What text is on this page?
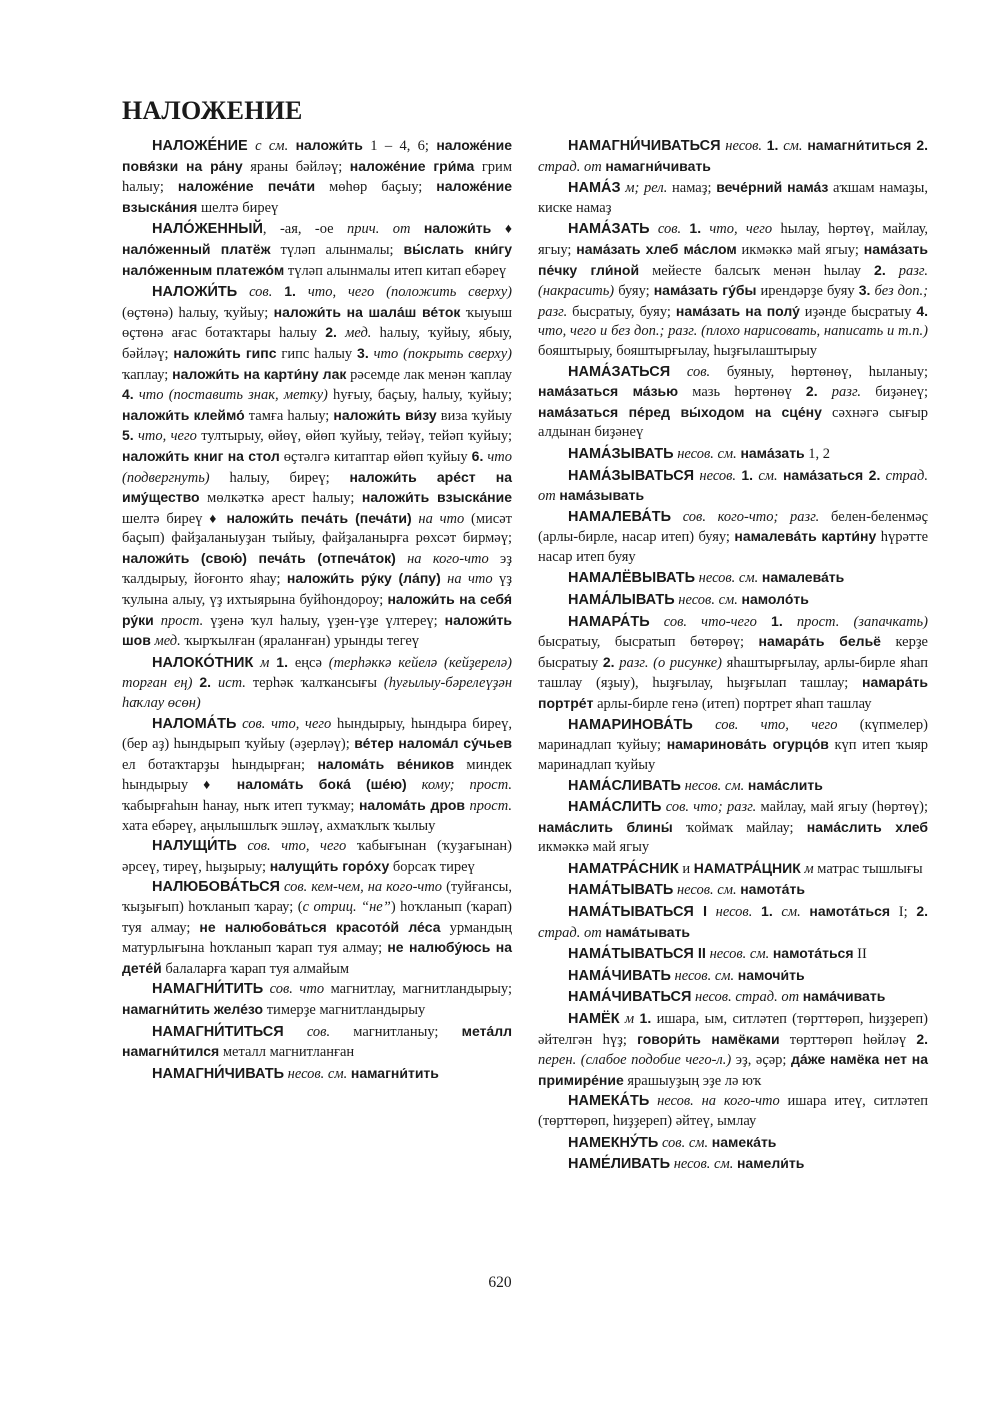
НАЛОЖЕНИЕ

НАЛОЖЕ́НИЕ с см. наложи́ть 1 – 4, 6; наложе́ние повя́зки на ра́ну яраны бәйләү; наложе́ние гри́ма грим һалыу; наложе́ние печа́ти мөһөр баҫыу; наложе́ние взыска́ния шелтә биреү

НАЛО́ЖЕННЫЙ, -ая, -ое прич. от наложи́ть ♦ нало́женный платёж түләп алынмалы; вы́слать кни́гу нало́женным платежо́м түләп алынмалы итеп китап ебәреү

НАЛОЖИ́ТЬ сов. 1. что, чего (положить сверху) (өҫтөнә) һалыу, ҡуйыу; наложи́ть на шала́ш ве́ток ҡыуыш өҫтөнә ағас ботаҡтары һалыу 2. мед. һалыу, ҡуйыу, ябыу, бәйләү; наложи́ть гипс гипс һалыу 3. что (покрыть сверху) ҡаплау; наложи́ть на карти́ну лак рәсемде лак менән ҡаплау 4. что (поставить знак, метку) һуғыу, баҫыу, һалыу, ҡуйыу; наложи́ть клеймо́ тамға һалыу; наложи́ть ви́зу виза ҡуйыу 5. что, чего тултырыу, өйөү, өйөп ҡуйыу, тейәү, тейәп ҡуйыу; наложи́ть книг на стол өҫтәлгә китаптар өйөп ҡуйыу 6. что (подвергнуть) һалыу, биреү; наложи́ть аре́ст на иму́щество мөлкәткә арест һалыу; наложи́ть взыска́ние шелтә биреү ♦ наложи́ть печа́ть (печа́ти) на что (мисәт баҫып) файҙаланыуҙан тыйыу, файҙаланырға рөхсәт бирмәү; наложи́ть (свою́) печа́ть (отпеча́ток) на кого-что эҙ ҡалдырыу, йоғонто яһау; наложи́ть ру́ку (ла́пу) на что үҙ ҡулына алыу, үҙ ихтыярына буйһондороу; наложи́ть на себя́ ру́ки прост. үҙенә ҡул һалыу, үҙен-үҙе үлтереү; наложи́ть шов мед. ҡырҡылған (яраланған) урынды тегеү

НАЛОКО́ТНИК м 1. еңсә (терһәккә кейелә (кейҙерелә) торған ең) 2. ист. терһәк ҡалҡансығы (һуғылыу-бәрелеүҙән һаҡлау өсөн)

НАЛОМА́ТЬ сов. что, чего һындырыу, һындыра биреү, (бер аҙ) һындырып ҡуйыу (әҙерләү); ве́тер налома́л су́чьев ел ботаҡтарҙы һындырған; налома́ть ве́ников миндек һындырыу ♦ налома́ть бока́ (ше́ю) кому; прост. ҡабырғаһын һанау, ныҡ итеп туҡмау; налома́ть дров прост. хата ебәреү, аңылышлыҡ эшләү, ахмаҡлыҡ ҡылыу

НАЛУЩИ́ТЬ сов. что, чего ҡабығынан (ҡуҙағынан) әрсеү, тиреү, һыҙырыу; налущи́ть горо́ху борсаҡ тиреү

НАЛЮБОВА́ТЬСЯ сов. кем-чем, на кого-что (туйғансы, ҡыҙығып) һоҡланып ҡарау; (с отриц. “не”) һоҡланып (ҡарап) туя алмау; не налюбова́ться красото́й ле́са урмандың матурлығына һоҡланып ҡарап туя алмау; не налюбу́юсь на дете́й балаларға ҡарап туя алмайым

НАМАГНИ́ТИТЬ сов. что магнитлау, магнитландырыу; намагни́тить желе́зо тимерҙе магнитландырыу

НАМАГНИ́ТИТЬСЯ сов. магнитланыу; мета́лл намагни́тился металл магнитланған

НАМАГНИ́ЧИВАТЬ несов. см. намагни́тить

НАМАГНИ́ЧИВАТЬСЯ несов. 1. см. намагни́титься 2. страд. от намагни́чивать

НАМА́З м; рел. намаҙ; вече́рний нама́з аҡшам намаҙы, киске намаҙ

НАМА́ЗАТЬ сов. 1. что, чего һылау, һөртөү, майлау, ягыу; нама́зать хлеб ма́слом икмәккә май ягыу; нама́зать пе́чку гли́ной мейесте балсыҡ менән һылау 2. разг. (накрасить) буяу; нама́зать гу́бы ирендәрҙе буяу 3. без доп.; разг. бысратыу, буяу; нама́зать на полу́ иҙәнде бысратыу 4. что, чего и без доп.; разг. (плохо нарисовать, написать и т.п.) бояштырыу, бояштырғылау, һыҙғылаштырыу

НАМА́ЗАТЬСЯ сов. буяныу, һөртөнөү, һыланыу; нама́заться ма́зью мазь һөртөнөү 2. разг. биҙәнеү; нама́заться пе́ред вы́ходом на сце́ну сәхнәгә сығыр алдынан биҙәнеү

НАМА́ЗЫВАТЬ несов. см. нама́зать 1, 2

НАМА́ЗЫВАТЬСЯ несов. 1. см. нама́заться 2. страд. от нама́зывать

НАМАЛЕВА́ТЬ сов. кого-что; разг. белен-беленмәҫ (арлы-бирле, насар итеп) буяу; намалева́ть карти́ну һүрәтте насар итеп буяу

НАМАЛЁВЫВАТЬ несов. см. намалева́ть

НАМА́ЛЫВАТЬ несов. см. намоло́ть

НАМАРА́ТЬ сов. что-чего 1. прост. (запачкать) бысратыу, бысратып бөтөрөү; намара́ть бельё керҙе бысратыу 2. разг. (о рисунке) яһаштырғылау, арлы-бирле яһап ташлау (яҙыу), һыҙғылау, һыҙғылап ташлау; намара́ть портре́т арлы-бирле генә (итеп) портрет яһап ташлау

НАМАРИНОВА́ТЬ сов. что, чего (күпмелер) маринадлап ҡуйыу; намаринова́ть огурцо́в күп итеп ҡыяр маринадлап ҡуйыу

НАМА́СЛИВАТЬ несов. см. нама́слить

НАМА́СЛИТЬ сов. что; разг. майлау, май ягыу (һөртөү); нама́слить блины́ ҡоймаҡ майлау; нама́слить хлеб икмәккә май ягыу

НАМАТРА́СНИК и НАМАТРА́ЦНИК м матрас тышлығы

НАМА́ТЫВАТЬ несов. см. намота́ть

НАМА́ТЫВАТЬСЯ I несов. 1. см. намота́ться I; 2. страд. от нама́тывать

НАМА́ТЫВАТЬСЯ II несов. см. намота́ться II

НАМА́ЧИВАТЬ несов. см. намочи́ть

НАМА́ЧИВАТЬСЯ несов. страд. от нама́чивать

НАМЁК м 1. ишара, ым, ситләтеп (төрттөрөп, һиҙҙереп) әйтелгән һүҙ; говори́ть намёками төрттөрөп һөйләү 2. перен. (слабое подобие чего-л.) эҙ, әҫәр; да́же намёка нет на примире́ние ярашыуҙың эҙе лә юҡ

НАМЕКА́ТЬ несов. на кого-что ишара итеү, ситләтеп (төрттөрөп, һиҙҙереп) әйтеү, ымлау

НАМЕКНУ́ТЬ сов. см. намека́ть

НАМЕ́ЛИВАТЬ несов. см. намели́ть

620
